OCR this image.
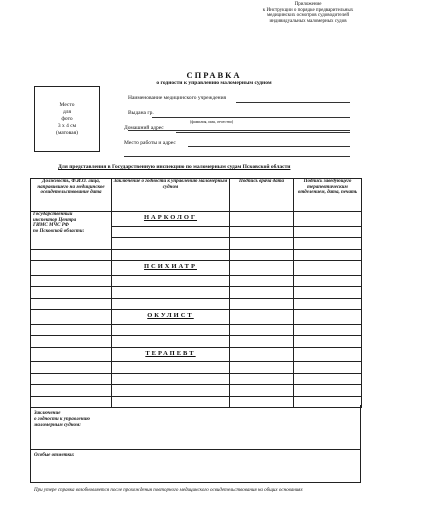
Приложение
к Инструкции о порядке предварительных
медицинских осмотров судоводителей
индивидуальных маломерных судов
СПРАВКА
о годности к управлению маломерным судном
Место
для
фото
3 х 4 см
(матовая)
Наименование медицинского учреждения
Выдана гр.
(фамилия, имя, отчество)
Домашний адрес
Место работы и адрес
Для представления в Государственную инспекцию по маломерным судам Псковской области
Должность, Ф.И.О. лица, направившего на медицинское освидетельствование дата	Заключение о годности к управлению маломерным судном	Подпись врача дата	Подпись заведующего терапевтическим отделением, дата, печать

Государственный
инспектор Центра
ГИМС МЧС РФ
по Псковской области:	НАРКОЛОГ		

	ПСИХИАТР		

	ОКУЛИСТ		

	ТЕРАПЕВТ		

Заключение
о годности к управлению
маломерным судном:
Особые отметки:
При утере справка возобновляется после прохождения повторного медицинского освидетельствования на общих основаниях
